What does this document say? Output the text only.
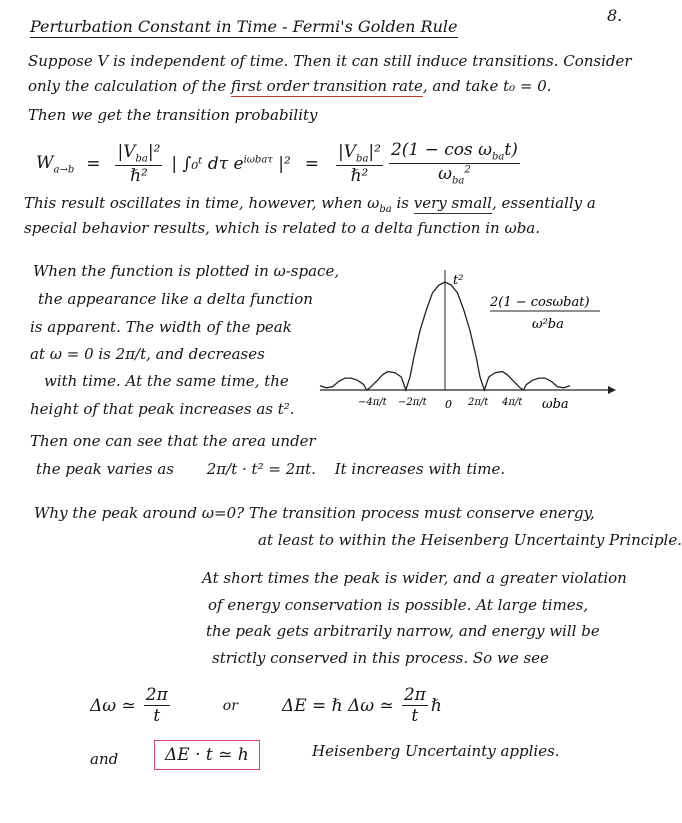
8.
Perturbation Constant in Time - Fermi's Golden Rule
Suppose V is independent of time. Then it can still induce transitions. Consider
only the calculation of the first order transition rate, and take t₀ = 0.
Then we get the transition probability
$W_{a\to b} = \frac{|V_{ba}|^2}{\text{ℏ²}}$ | ∫₀ᵗ dτ $e^{i\omega ba\tau}$ $|^2 = \frac{|V_{ba}|^2}{\text{ℏ²}} \frac{2(1 - \cos \omega_{ba}t)}{\omega_{ba}^2}$
This result oscillates in time, however, when $\omega_{ba}$ is very small, essentially a
special behavior results, which is related to a delta function in ωba.
When the function is plotted in ω-space,
the appearance like a delta function
is apparent. The width of the peak
at ω = 0 is 2π/t, and decreases
with time. At the same time, the
height of that peak increases as t².
t²
−4π/t −2π/t 0 2π/t 4π/t ωba
2(1 − cosωbat)
ω²ba
Then one can see that the area under
the peak varies as 2π/t · t² = 2πt. It increases with time.
Why the peak around ω=0? The transition process must conserve energy,
at least to within the Heisenberg Uncertainty Principle.
At short times the peak is wider, and a greater violation
of energy conservation is possible. At large times,
the peak gets arbitrarily narrow, and energy will be
strictly conserved in this process. So we see
Δω ≃ $\frac{2\pi}{t}$	or	ΔE = ℏ Δω ≃ $\frac{2\pi}{t}$ ℏ
and	ΔE · t ≃ h	Heisenberg Uncertainty applies.
